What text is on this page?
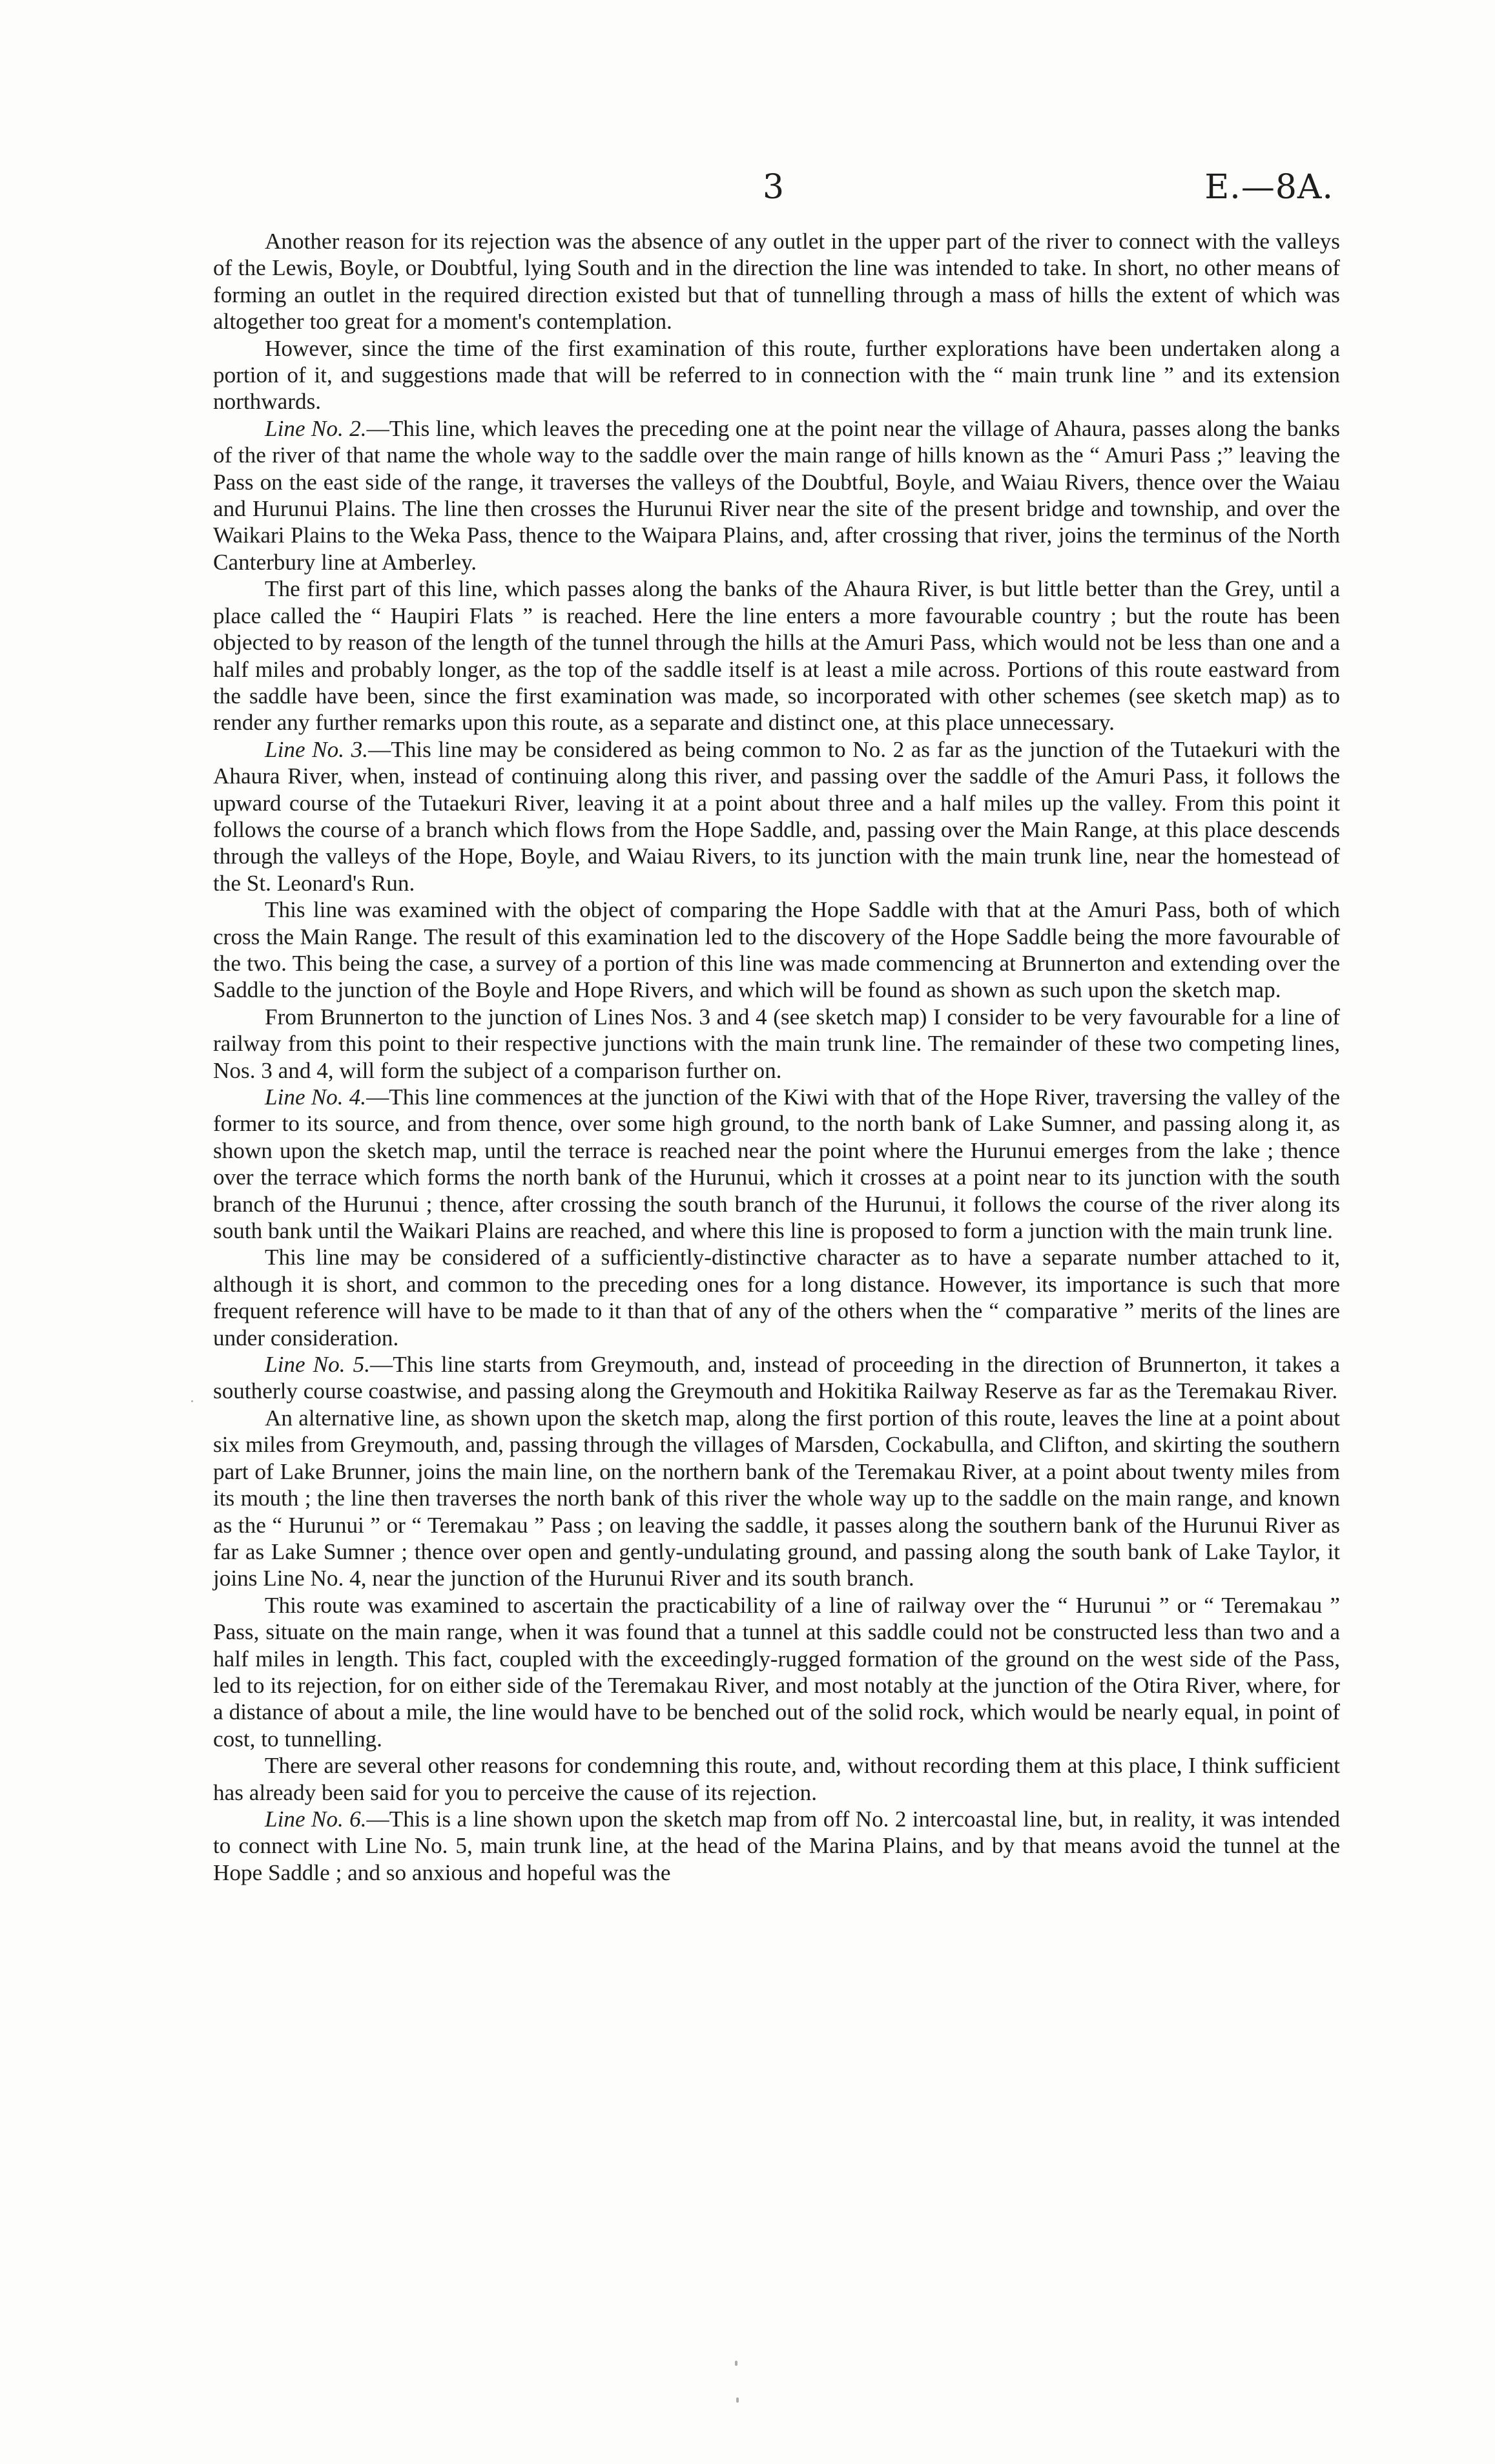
3	E.—8A.

Another reason for its rejection was the absence of any outlet in the upper part of the river to connect with the valleys of the Lewis, Boyle, or Doubtful, lying South and in the direction the line was intended to take. In short, no other means of forming an outlet in the required direction existed but that of tunnelling through a mass of hills the extent of which was altogether too great for a moment's contemplation.

However, since the time of the first examination of this route, further explorations have been undertaken along a portion of it, and suggestions made that will be referred to in connection with the “ main trunk line ” and its extension northwards.

Line No. 2.—This line, which leaves the preceding one at the point near the village of Ahaura, passes along the banks of the river of that name the whole way to the saddle over the main range of hills known as the “ Amuri Pass ;” leaving the Pass on the east side of the range, it traverses the valleys of the Doubtful, Boyle, and Waiau Rivers, thence over the Waiau and Hurunui Plains. The line then crosses the Hurunui River near the site of the present bridge and township, and over the Waikari Plains to the Weka Pass, thence to the Waipara Plains, and, after crossing that river, joins the terminus of the North Canterbury line at Amberley.

The first part of this line, which passes along the banks of the Ahaura River, is but little better than the Grey, until a place called the “ Haupiri Flats ” is reached. Here the line enters a more favourable country ; but the route has been objected to by reason of the length of the tunnel through the hills at the Amuri Pass, which would not be less than one and a half miles and probably longer, as the top of the saddle itself is at least a mile across. Portions of this route eastward from the saddle have been, since the first examination was made, so incorporated with other schemes (see sketch map) as to render any further remarks upon this route, as a separate and distinct one, at this place unnecessary.

Line No. 3.—This line may be considered as being common to No. 2 as far as the junction of the Tutaekuri with the Ahaura River, when, instead of continuing along this river, and passing over the saddle of the Amuri Pass, it follows the upward course of the Tutaekuri River, leaving it at a point about three and a half miles up the valley. From this point it follows the course of a branch which flows from the Hope Saddle, and, passing over the Main Range, at this place descends through the valleys of the Hope, Boyle, and Waiau Rivers, to its junction with the main trunk line, near the homestead of the St. Leonard's Run.

This line was examined with the object of comparing the Hope Saddle with that at the Amuri Pass, both of which cross the Main Range. The result of this examination led to the discovery of the Hope Saddle being the more favourable of the two. This being the case, a survey of a portion of this line was made commencing at Brunnerton and extending over the Saddle to the junction of the Boyle and Hope Rivers, and which will be found as shown as such upon the sketch map.

From Brunnerton to the junction of Lines Nos. 3 and 4 (see sketch map) I consider to be very favourable for a line of railway from this point to their respective junctions with the main trunk line. The remainder of these two competing lines, Nos. 3 and 4, will form the subject of a comparison further on.

Line No. 4.—This line commences at the junction of the Kiwi with that of the Hope River, traversing the valley of the former to its source, and from thence, over some high ground, to the north bank of Lake Sumner, and passing along it, as shown upon the sketch map, until the terrace is reached near the point where the Hurunui emerges from the lake ; thence over the terrace which forms the north bank of the Hurunui, which it crosses at a point near to its junction with the south branch of the Hurunui ; thence, after crossing the south branch of the Hurunui, it follows the course of the river along its south bank until the Waikari Plains are reached, and where this line is proposed to form a junction with the main trunk line.

This line may be considered of a sufficiently-distinctive character as to have a separate number attached to it, although it is short, and common to the preceding ones for a long distance. However, its importance is such that more frequent reference will have to be made to it than that of any of the others when the “ comparative ” merits of the lines are under consideration.

Line No. 5.—This line starts from Greymouth, and, instead of proceeding in the direction of Brunnerton, it takes a southerly course coastwise, and passing along the Greymouth and Hokitika Railway Reserve as far as the Teremakau River.

An alternative line, as shown upon the sketch map, along the first portion of this route, leaves the line at a point about six miles from Greymouth, and, passing through the villages of Marsden, Cockabulla, and Clifton, and skirting the southern part of Lake Brunner, joins the main line, on the northern bank of the Teremakau River, at a point about twenty miles from its mouth ; the line then traverses the north bank of this river the whole way up to the saddle on the main range, and known as the “ Hurunui ” or “ Teremakau ” Pass ; on leaving the saddle, it passes along the southern bank of the Hurunui River as far as Lake Sumner ; thence over open and gently-undulating ground, and passing along the south bank of Lake Taylor, it joins Line No. 4, near the junction of the Hurunui River and its south branch.

This route was examined to ascertain the practicability of a line of railway over the “ Hurunui ” or “ Teremakau ” Pass, situate on the main range, when it was found that a tunnel at this saddle could not be constructed less than two and a half miles in length. This fact, coupled with the exceedingly-rugged formation of the ground on the west side of the Pass, led to its rejection, for on either side of the Teremakau River, and most notably at the junction of the Otira River, where, for a distance of about a mile, the line would have to be benched out of the solid rock, which would be nearly equal, in point of cost, to tunnelling.

There are several other reasons for condemning this route, and, without recording them at this place, I think sufficient has already been said for you to perceive the cause of its rejection.

Line No. 6.—This is a line shown upon the sketch map from off No. 2 intercoastal line, but, in reality, it was intended to connect with Line No. 5, main trunk line, at the head of the Marina Plains, and by that means avoid the tunnel at the Hope Saddle ; and so anxious and hopeful was the
